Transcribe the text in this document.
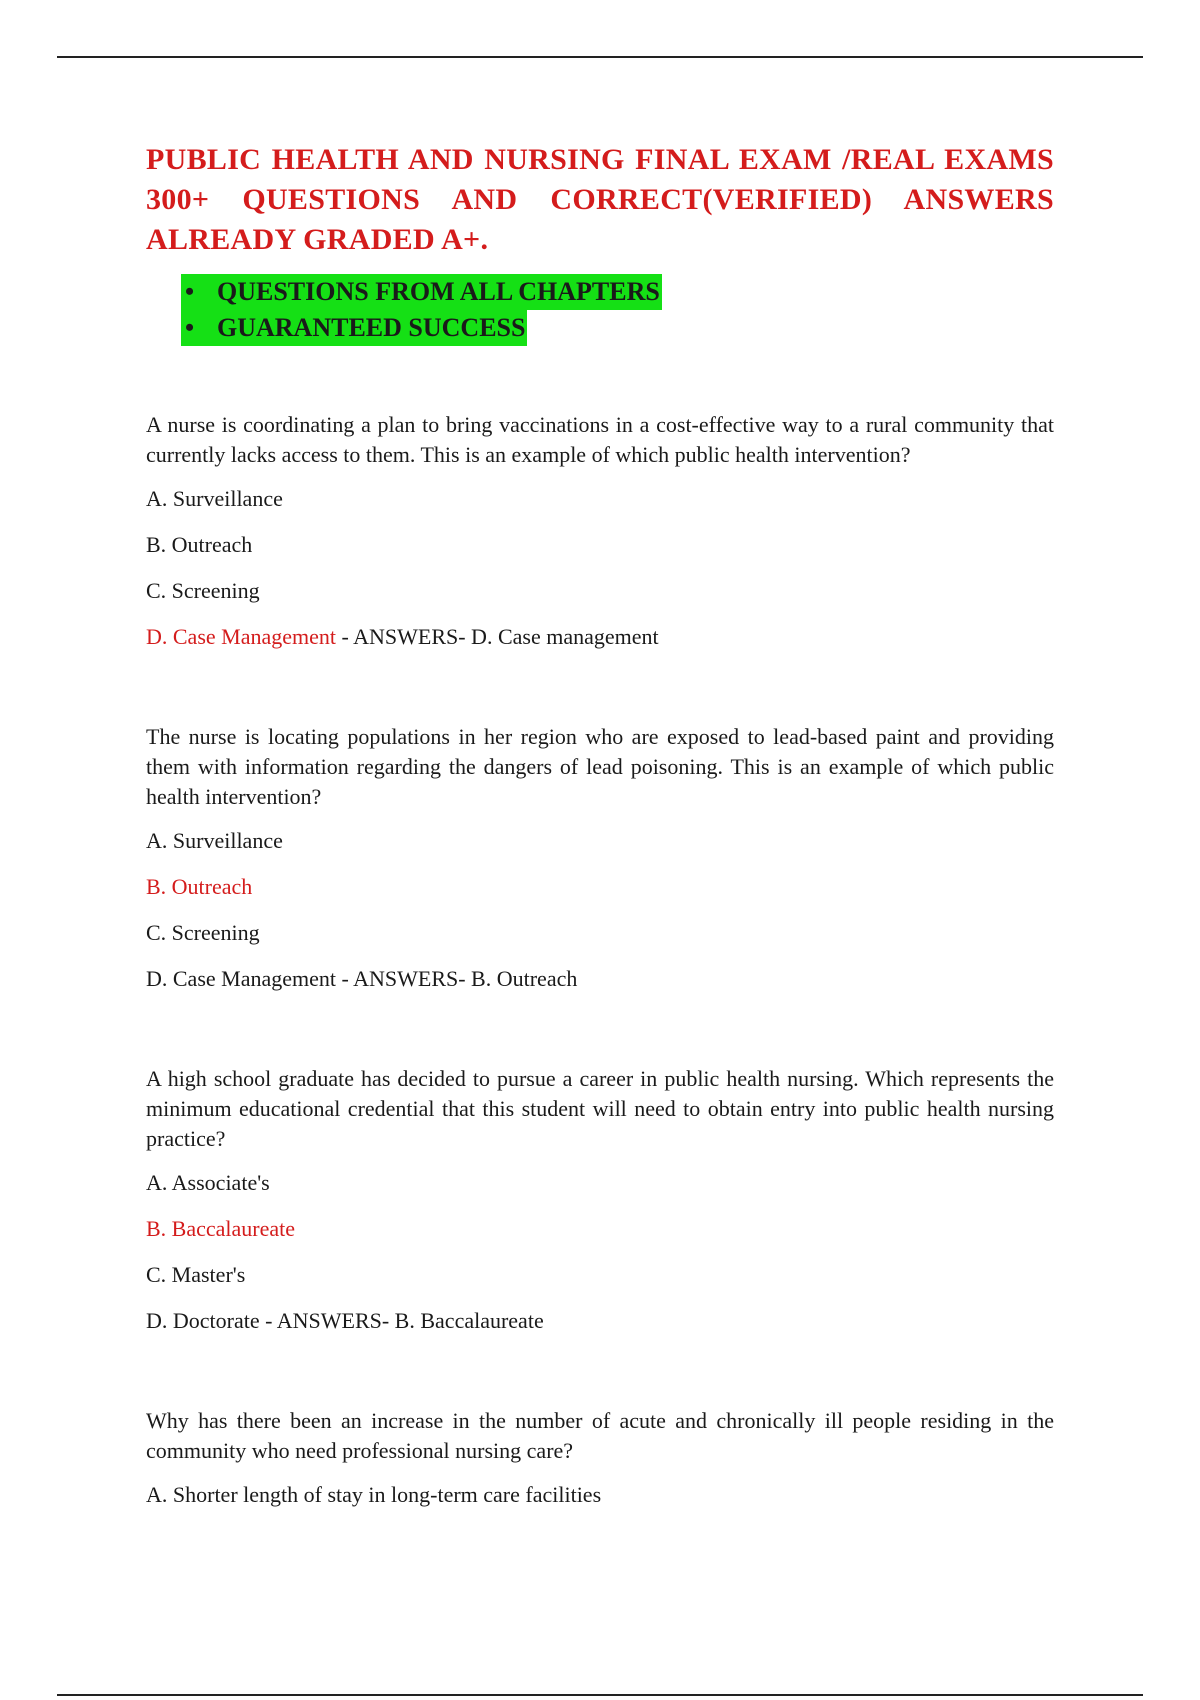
PUBLIC HEALTH AND NURSING FINAL EXAM /REAL EXAMS 300+ QUESTIONS AND CORRECT(VERIFIED) ANSWERS ALREADY GRADED A+.
• QUESTIONS FROM ALL CHAPTERS
• GUARANTEED SUCCESS

A nurse is coordinating a plan to bring vaccinations in a cost-effective way to a rural community that currently lacks access to them. This is an example of which public health intervention?

A. Surveillance
B. Outreach
C. Screening
D. Case Management - ANSWERS- D. Case management

The nurse is locating populations in her region who are exposed to lead-based paint and providing them with information regarding the dangers of lead poisoning. This is an example of which public health intervention?

A. Surveillance
B. Outreach
C. Screening
D. Case Management - ANSWERS- B. Outreach

A high school graduate has decided to pursue a career in public health nursing. Which represents the minimum educational credential that this student will need to obtain entry into public health nursing practice?

A. Associate's
B. Baccalaureate
C. Master's
D. Doctorate - ANSWERS- B. Baccalaureate

Why has there been an increase in the number of acute and chronically ill people residing in the community who need professional nursing care?

A. Shorter length of stay in long-term care facilities
